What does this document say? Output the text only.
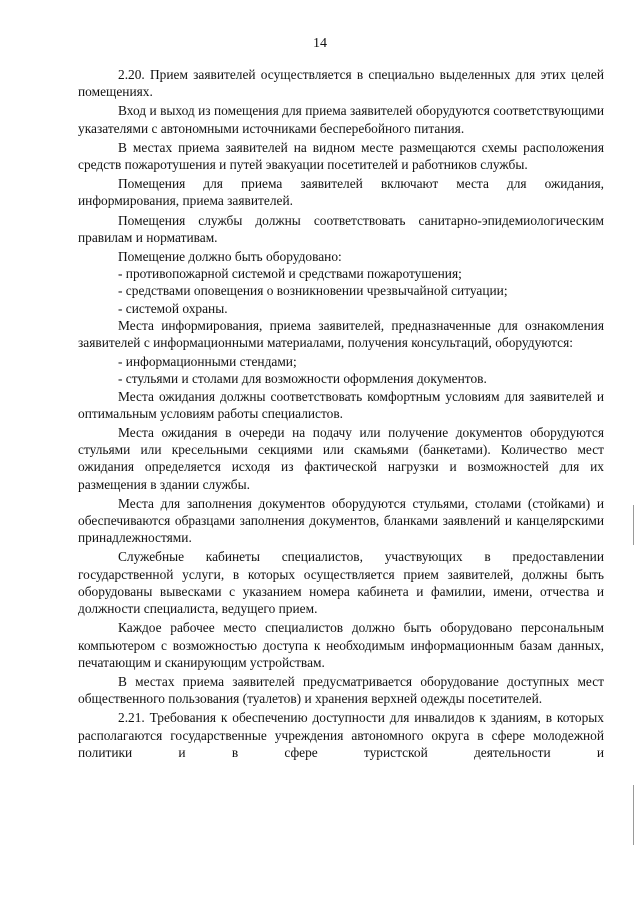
14

2.20. Прием заявителей осуществляется в специально выделенных для этих целей помещениях.

Вход и выход из помещения для приема заявителей оборудуются соответствующими указателями с автономными источниками бесперебойного питания.

В местах приема заявителей на видном месте размещаются схемы расположения средств пожаротушения и путей эвакуации посетителей и работников службы.

Помещения для приема заявителей включают места для ожидания, информирования, приема заявителей.

Помещения службы должны соответствовать санитарно-эпидемиологическим правилам и нормативам.

Помещение должно быть оборудовано:

- противопожарной системой и средствами пожаротушения;

- средствами оповещения о возникновении чрезвычайной ситуации;

- системой охраны.

Места информирования, приема заявителей, предназначенные для ознакомления заявителей с информационными материалами, получения консультаций, оборудуются:

- информационными стендами;

- стульями и столами для возможности оформления документов.

Места ожидания должны соответствовать комфортным условиям для заявителей и оптимальным условиям работы специалистов.

Места ожидания в очереди на подачу или получение документов оборудуются стульями или кресельными секциями или скамьями (банкетами). Количество мест ожидания определяется исходя из фактической нагрузки и возможностей для их размещения в здании службы.

Места для заполнения документов оборудуются стульями, столами (стойками) и обеспечиваются образцами заполнения документов, бланками заявлений и канцелярскими принадлежностями.

Служебные кабинеты специалистов, участвующих в предоставлении государственной услуги, в которых осуществляется прием заявителей, должны быть оборудованы вывесками с указанием номера кабинета и фамилии, имени, отчества и должности специалиста, ведущего прием.

Каждое рабочее место специалистов должно быть оборудовано персональным компьютером с возможностью доступа к необходимым информационным базам данных, печатающим и сканирующим устройствам.

В местах приема заявителей предусматривается оборудование доступных мест общественного пользования (туалетов) и хранения верхней одежды посетителей.

2.21. Требования к обеспечению доступности для инвалидов к зданиям, в которых располагаются государственные учреждения автономного округа в сфере молодежной политики и в сфере туристской деятельности и
